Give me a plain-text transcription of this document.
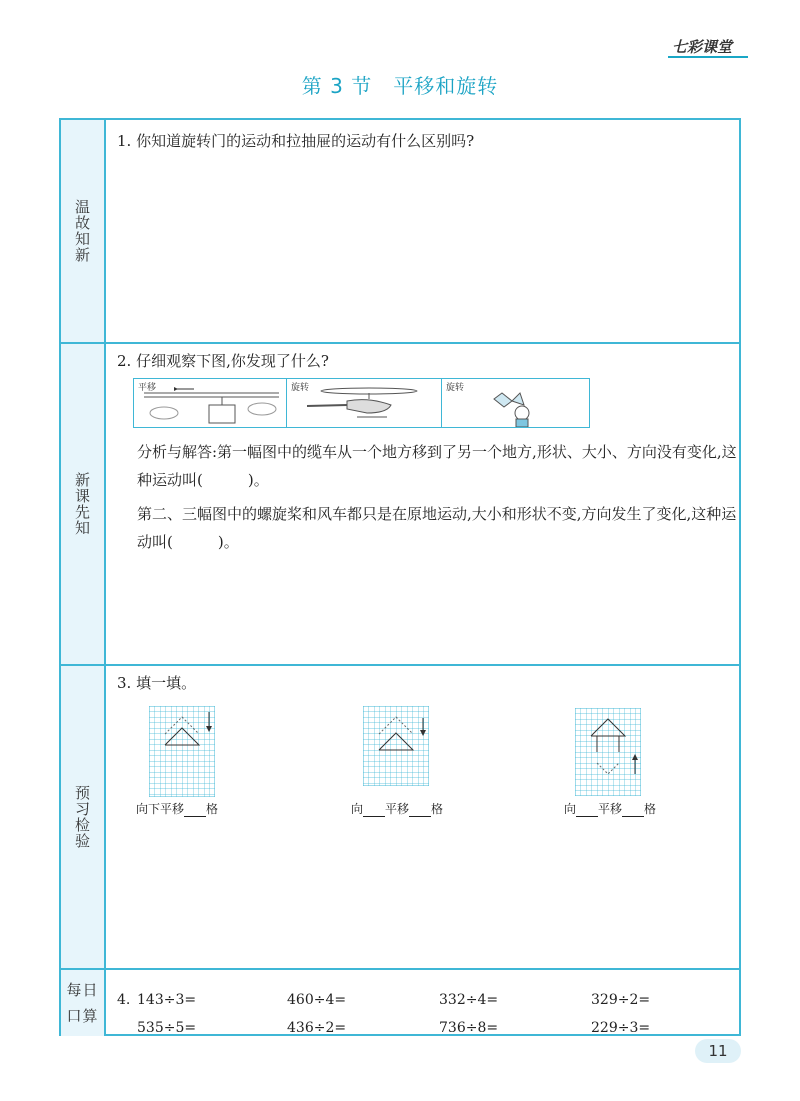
七彩课堂
第 3 节　平移和旋转
温故知新
新课先知
预习检验
每日口算
1. 你知道旋转门的运动和拉抽屉的运动有什么区别吗?
2. 仔细观察下图,你发现了什么?
平移	旋转	旋转
分析与解答:第一幅图中的缆车从一个地方移到了另一个地方,形状、大小、方向没有变化,这种运动叫(　　　)。
第二、三幅图中的螺旋桨和风车都只是在原地运动,大小和形状不变,方向发生了变化,这种运动叫(　　　)。
3. 填一填。
向下平移 格	向 平移 格	向 平移 格
4. 143÷3=	460÷4=	332÷4=	329÷2=
535÷5=	436÷2=	736÷8=	229÷3=
11
